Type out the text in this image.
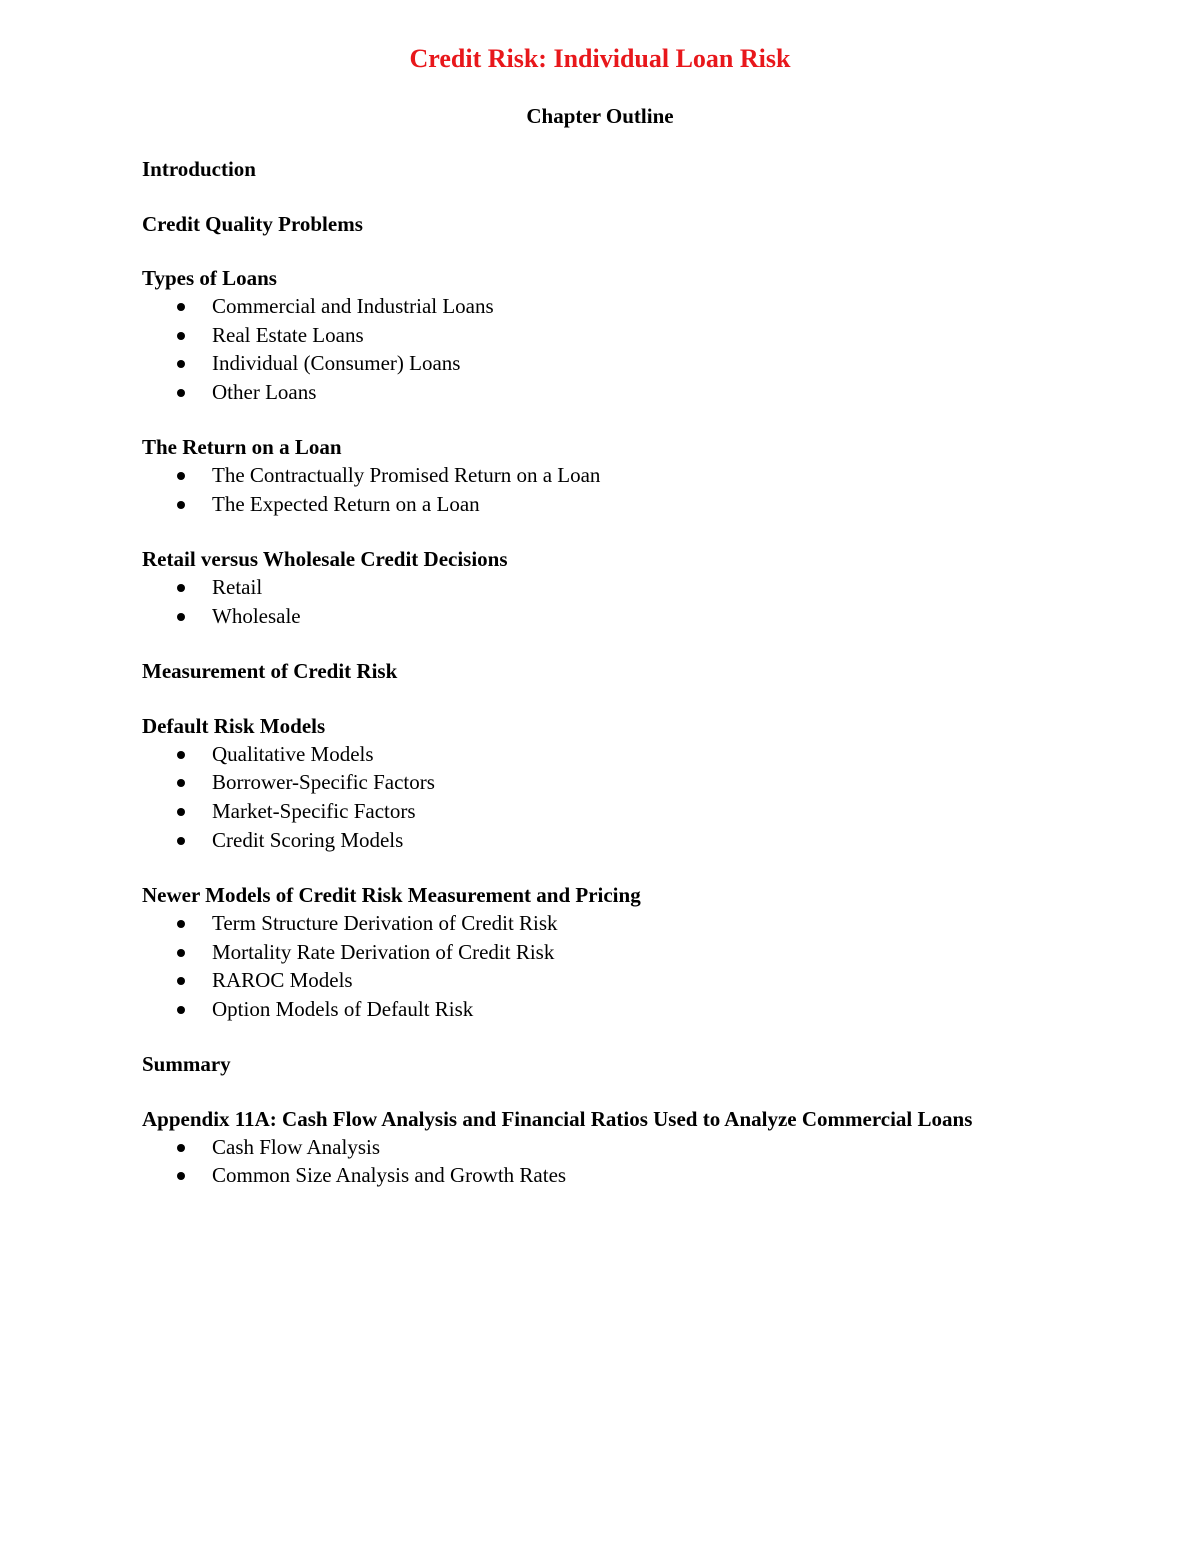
Credit Risk: Individual Loan Risk
Chapter Outline
Introduction
Credit Quality Problems
Types of Loans
Commercial and Industrial Loans
Real Estate Loans
Individual (Consumer) Loans
Other Loans
The Return on a Loan
The Contractually Promised Return on a Loan
The Expected Return on a Loan
Retail versus Wholesale Credit Decisions
Retail
Wholesale
Measurement of Credit Risk
Default Risk Models
Qualitative Models
Borrower-Specific Factors
Market-Specific Factors
Credit Scoring Models
Newer Models of Credit Risk Measurement and Pricing
Term Structure Derivation of Credit Risk
Mortality Rate Derivation of Credit Risk
RAROC Models
Option Models of Default Risk
Summary
Appendix 11A: Cash Flow Analysis and Financial Ratios Used to Analyze Commercial Loans
Cash Flow Analysis
Common Size Analysis and Growth Rates
